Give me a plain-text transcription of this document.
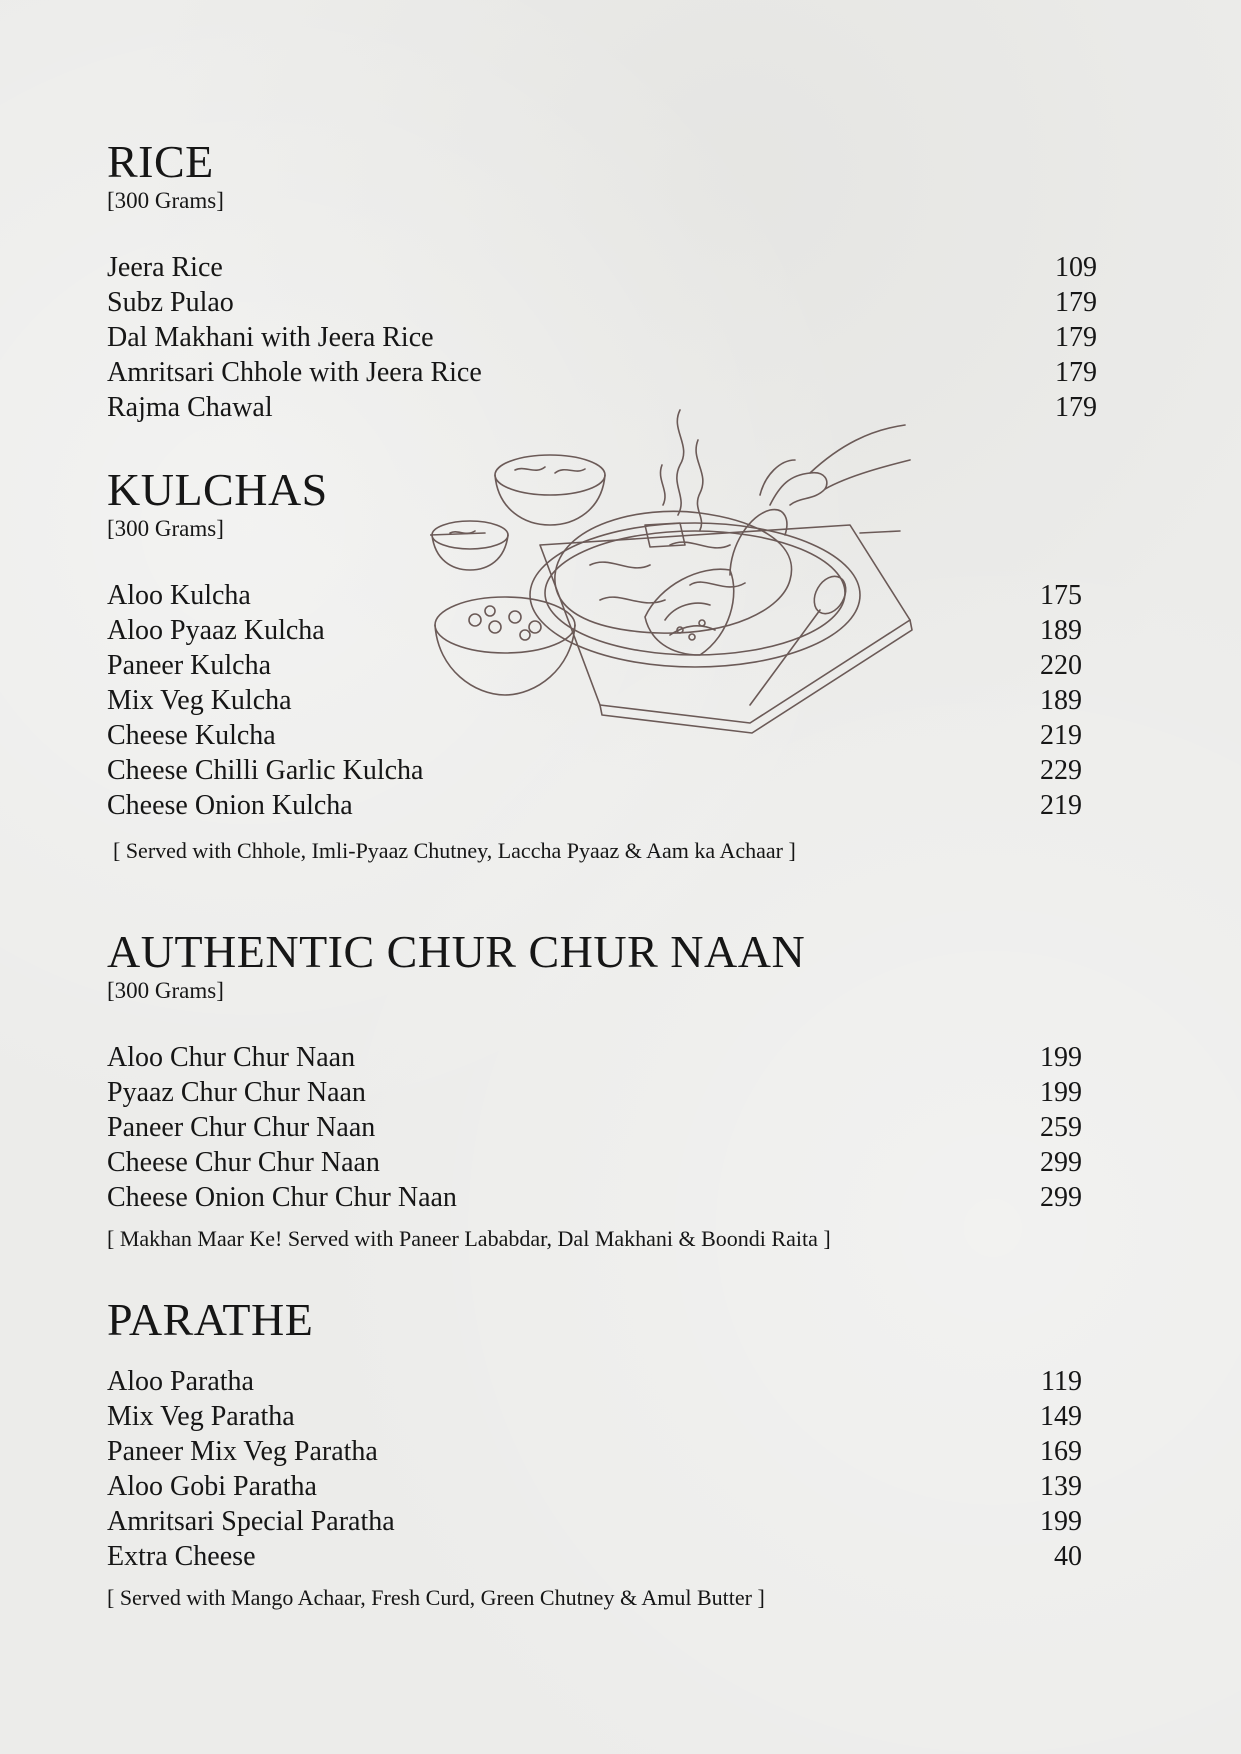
RICE
[300 Grams]
Jeera Rice	109
Subz Pulao	179
Dal Makhani with Jeera Rice	179
Amritsari Chhole with Jeera Rice	179
Rajma Chawal	179
KULCHAS
[300 Grams]
Aloo Kulcha	175
Aloo Pyaaz Kulcha	189
Paneer Kulcha	220
Mix Veg Kulcha	189
Cheese Kulcha	219
Cheese Chilli Garlic Kulcha	229
Cheese Onion Kulcha	219
[ Served with Chhole, Imli-Pyaaz Chutney, Laccha Pyaaz & Aam ka Achaar ]
AUTHENTIC CHUR CHUR NAAN
[300 Grams]
Aloo Chur Chur Naan	199
Pyaaz Chur Chur Naan	199
Paneer Chur Chur Naan	259
Cheese Chur Chur Naan	299
Cheese Onion Chur Chur Naan	299
[ Makhan Maar Ke! Served with Paneer Lababdar, Dal Makhani & Boondi Raita ]
PARATHE
Aloo Paratha	119
Mix Veg Paratha	149
Paneer Mix Veg Paratha	169
Aloo Gobi Paratha	139
Amritsari Special Paratha	199
Extra Cheese	40
[ Served with Mango Achaar, Fresh Curd, Green Chutney & Amul Butter ]
